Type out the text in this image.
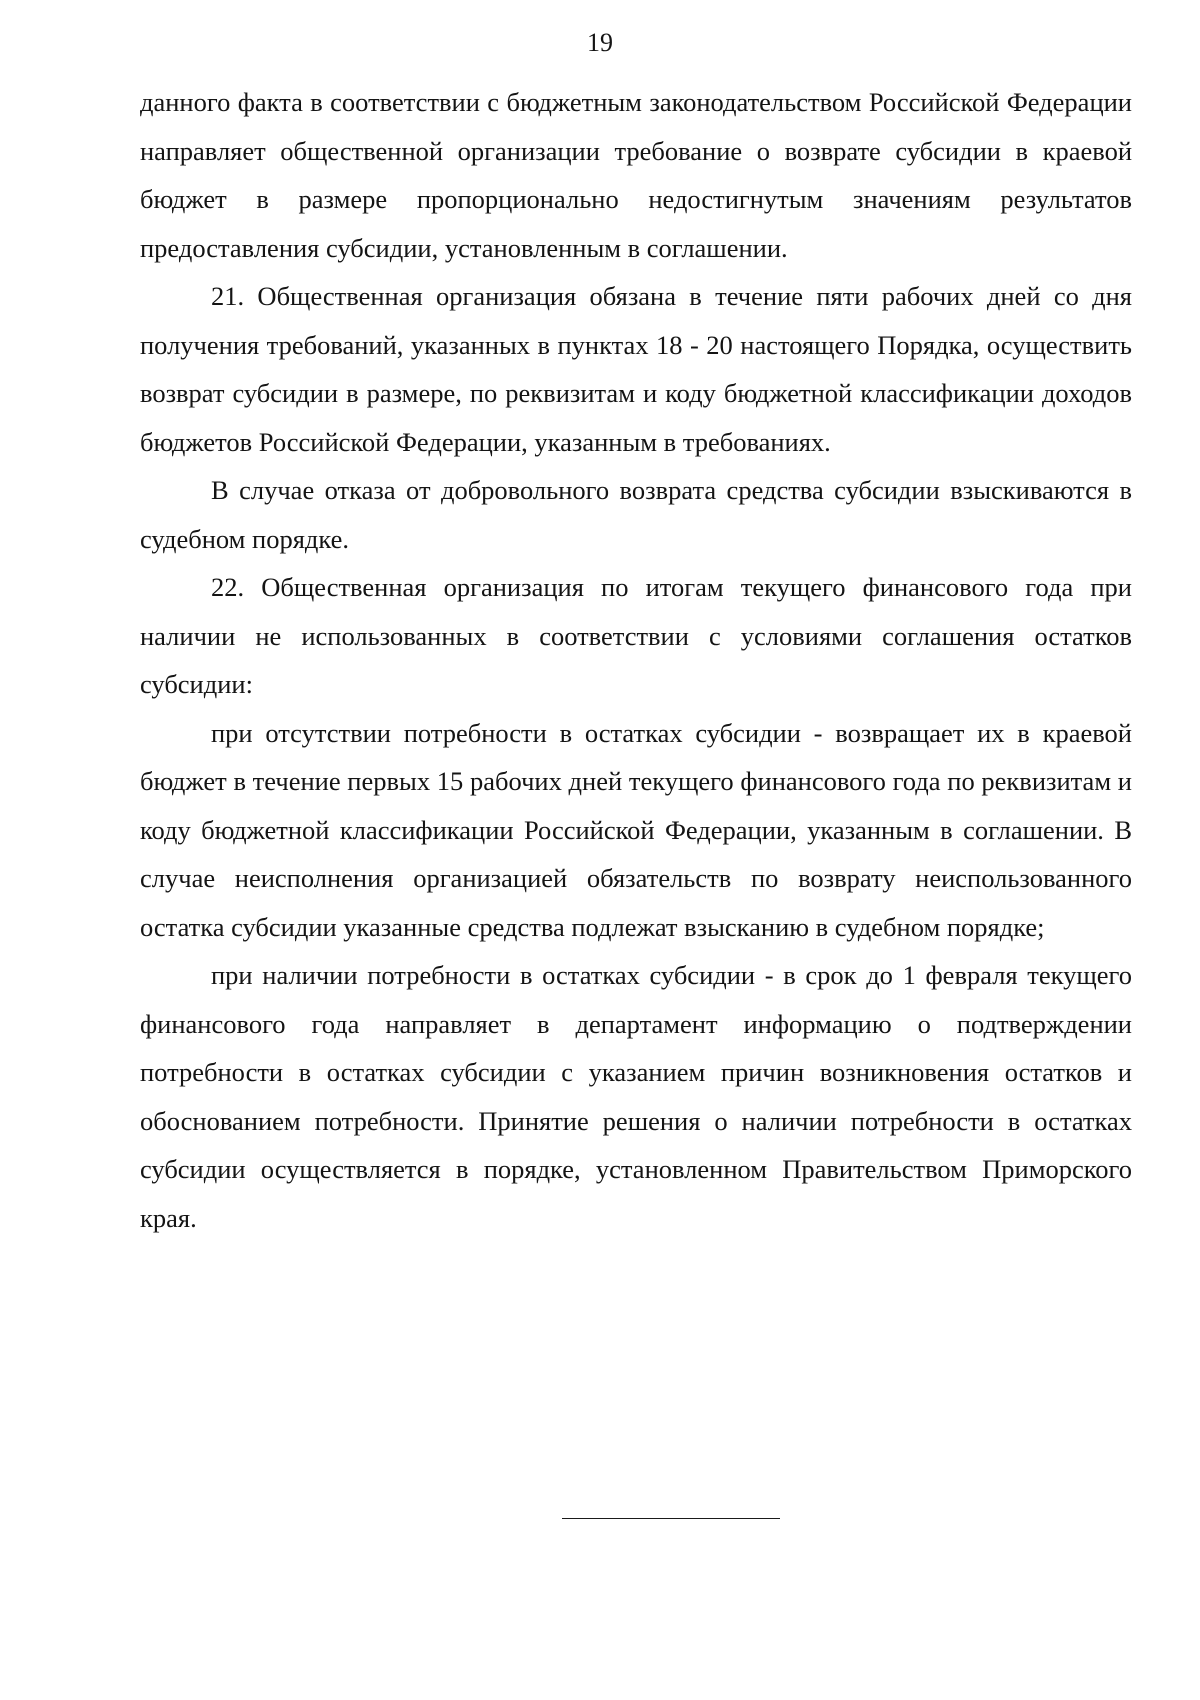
19

данного факта в соответствии с бюджетным законодательством Российской Федерации направляет общественной организации требование о возврате субсидии в краевой бюджет в размере пропорционально недостигнутым значениям результатов предоставления субсидии, установленным в соглашении.

21. Общественная организация обязана в течение пяти рабочих дней со дня получения требований, указанных в пунктах 18 - 20 настоящего Порядка, осуществить возврат субсидии в размере, по реквизитам и коду бюджетной классификации доходов бюджетов Российской Федерации, указанным в требованиях.

В случае отказа от добровольного возврата средства субсидии взыскиваются в судебном порядке.

22. Общественная организация по итогам текущего финансового года при наличии не использованных в соответствии с условиями соглашения остатков субсидии:

при отсутствии потребности в остатках субсидии - возвращает их в краевой бюджет в течение первых 15 рабочих дней текущего финансового года по реквизитам и коду бюджетной классификации Российской Федерации, указанным в соглашении. В случае неисполнения организацией обязательств по возврату неиспользованного остатка субсидии указанные средства подлежат взысканию в судебном порядке;

при наличии потребности в остатках субсидии - в срок до 1 февраля текущего финансового года направляет в департамент информацию о подтверждении потребности в остатках субсидии с указанием причин возникновения остатков и обоснованием потребности. Принятие решения о наличии потребности в остатках субсидии осуществляется в порядке, установленном Правительством Приморского края.
